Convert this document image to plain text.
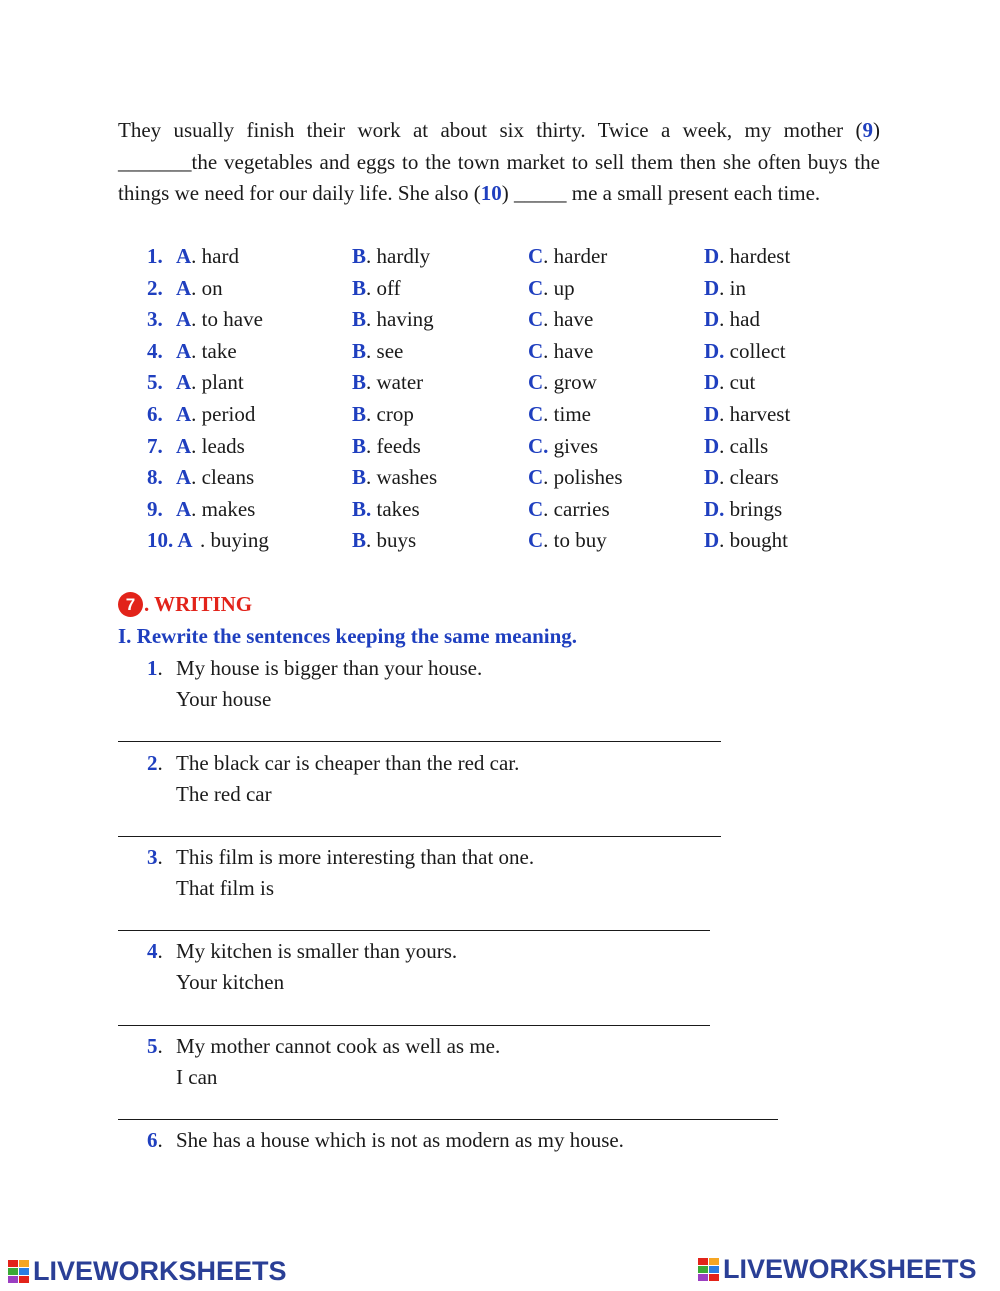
They usually finish their work at about six thirty. Twice a week, my mother (9) _______the vegetables and eggs to the town market to sell them then she often buys the things we need for our daily life. She also (10) _____ me a small present each time.
1. A. hard	B. hardly	C. harder	D. hardest
2. A. on	B. off	C. up	D. in
3. A. to have	B. having	C. have	D. had
4. A. take	B. see	C. have	D. collect
5. A. plant	B. water	C. grow	D. cut
6. A. period	B. crop	C. time	D. harvest
7. A. leads	B. feeds	C. gives	D. calls
8. A. cleans	B. washes	C. polishes	D. clears
9. A. makes	B. takes	C. carries	D. brings
10. A . buying	B. buys	C. to buy	D. bought
7 . WRITING
I. Rewrite the sentences keeping the same meaning.
1. My house is bigger than your house.
Your house
2. The black car is cheaper than the red car.
The red car
3. This film is more interesting than that one.
That film is
4. My kitchen is smaller than yours.
Your kitchen
5. My mother cannot cook as well as me.
I can
6. She has a house which is not as modern as my house.
LIVEWORKSHEETS	LIVEWORKSHEETS
